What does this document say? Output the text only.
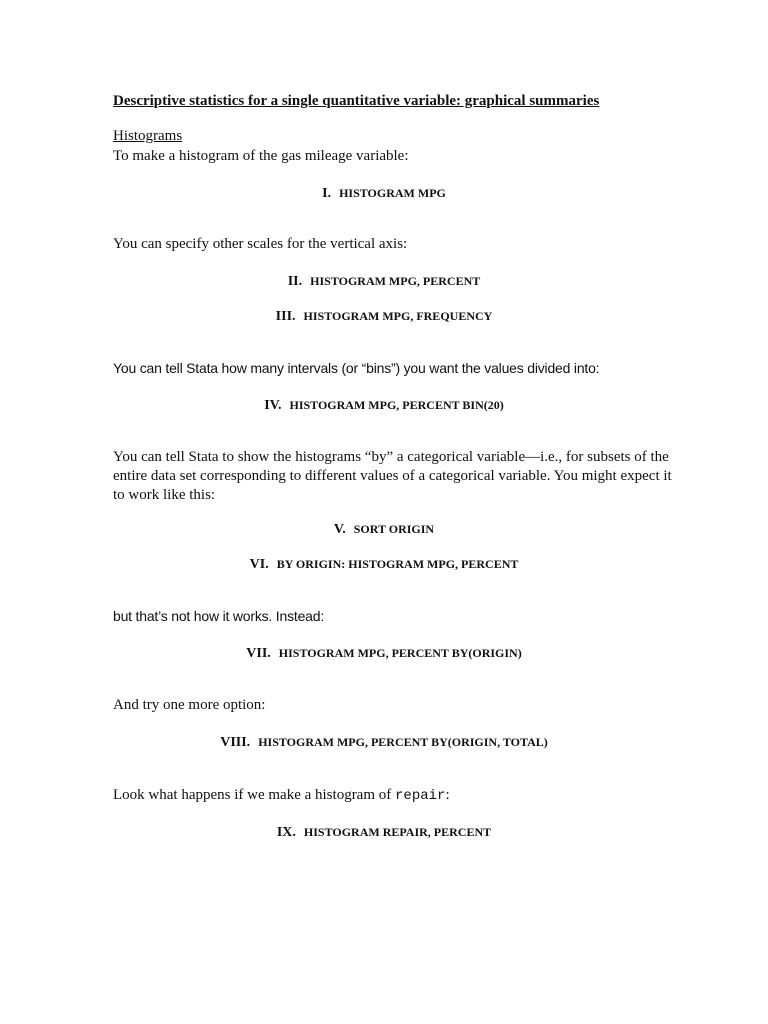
Descriptive statistics for a single quantitative variable: graphical summaries
Histograms
To make a histogram of the gas mileage variable:
I. HISTOGRAM MPG
You can specify other scales for the vertical axis:
II. HISTOGRAM MPG, PERCENT
III. HISTOGRAM MPG, FREQUENCY
You can tell Stata how many intervals (or “bins”) you want the values divided into:
IV. HISTOGRAM MPG, PERCENT BIN(20)
You can tell Stata to show the histograms “by” a categorical variable—i.e., for subsets of the entire data set corresponding to different values of a categorical variable. You might expect it to work like this:
V. SORT ORIGIN
VI. BY ORIGIN: HISTOGRAM MPG, PERCENT
but that’s not how it works. Instead:
VII. HISTOGRAM MPG, PERCENT BY(ORIGIN)
And try one more option:
VIII. HISTOGRAM MPG, PERCENT BY(ORIGIN, TOTAL)
Look what happens if we make a histogram of repair:
IX. HISTOGRAM REPAIR, PERCENT
